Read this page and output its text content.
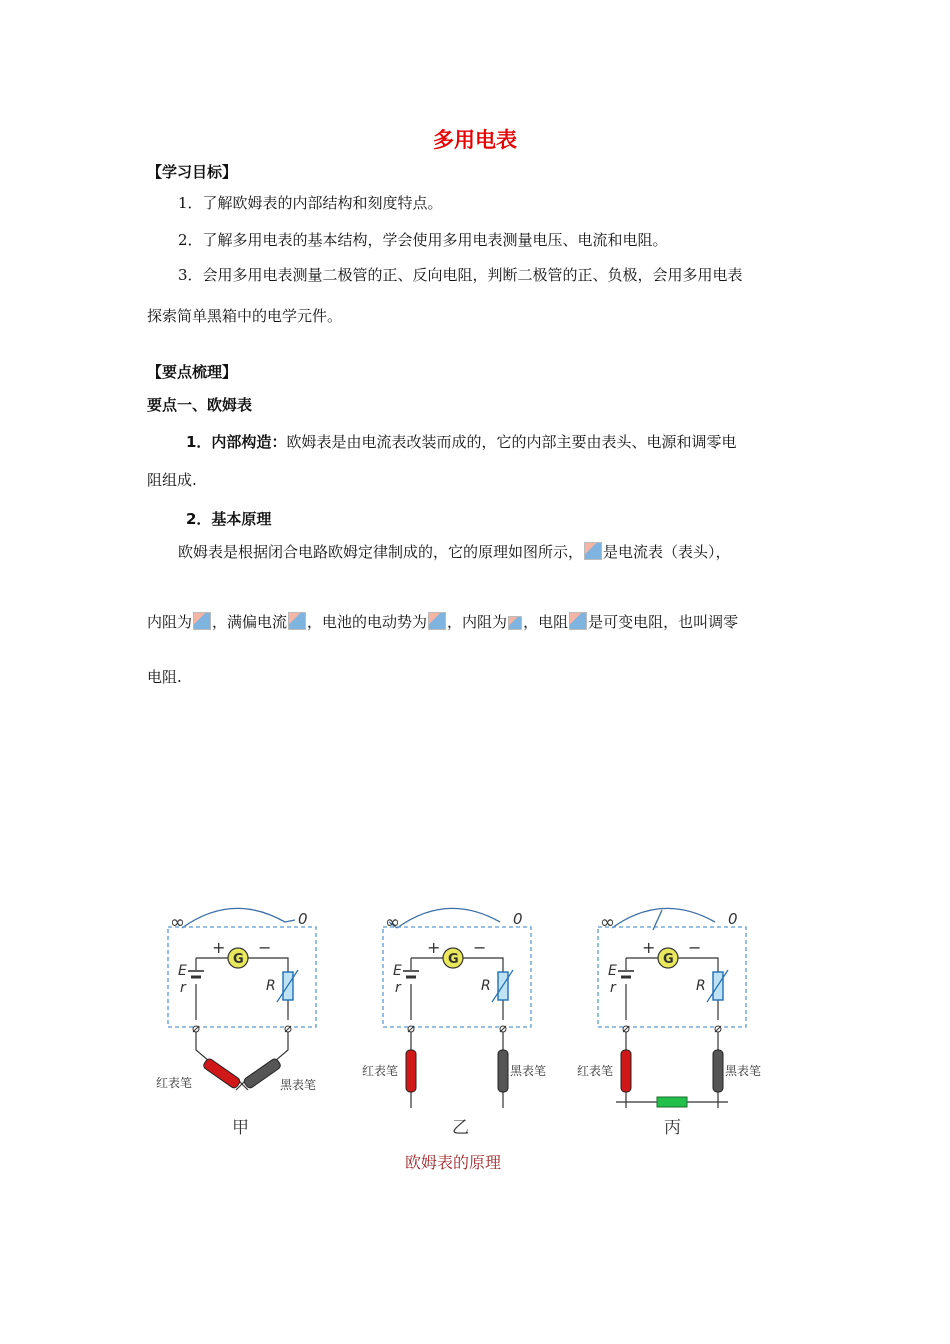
多用电表
【学习目标】
1．了解欧姆表的内部结构和刻度特点。
2．了解多用电表的基本结构，学会使用多用电表测量电压、电流和电阻。
3．会用多用电表测量二极管的正、反向电阻，判断二极管的正、负极，会用多用电表
探索简单黑箱中的电学元件。
【要点梳理】
要点一、欧姆表
1．内部构造：欧姆表是由电流表改装而成的，它的内部主要由表头、电源和调零电
阻组成.
2．基本原理
欧姆表是根据闭合电路欧姆定律制成的，它的原理如图所示， 是电流表（表头），
内阻为 ，满偏电流 ，电池的电动势为 ，内阻为 ，电阻 是可变电阻，也叫调零
电阻.
∞	0
+ −
G
E
r	R
红表笔	黑表笔
甲
∞	0
+ −
G
E
r	R
红表笔	黑表笔
乙
∞	0
+ −
G
E
r	R
红表笔	黑表笔
丙
欧姆表的原理
